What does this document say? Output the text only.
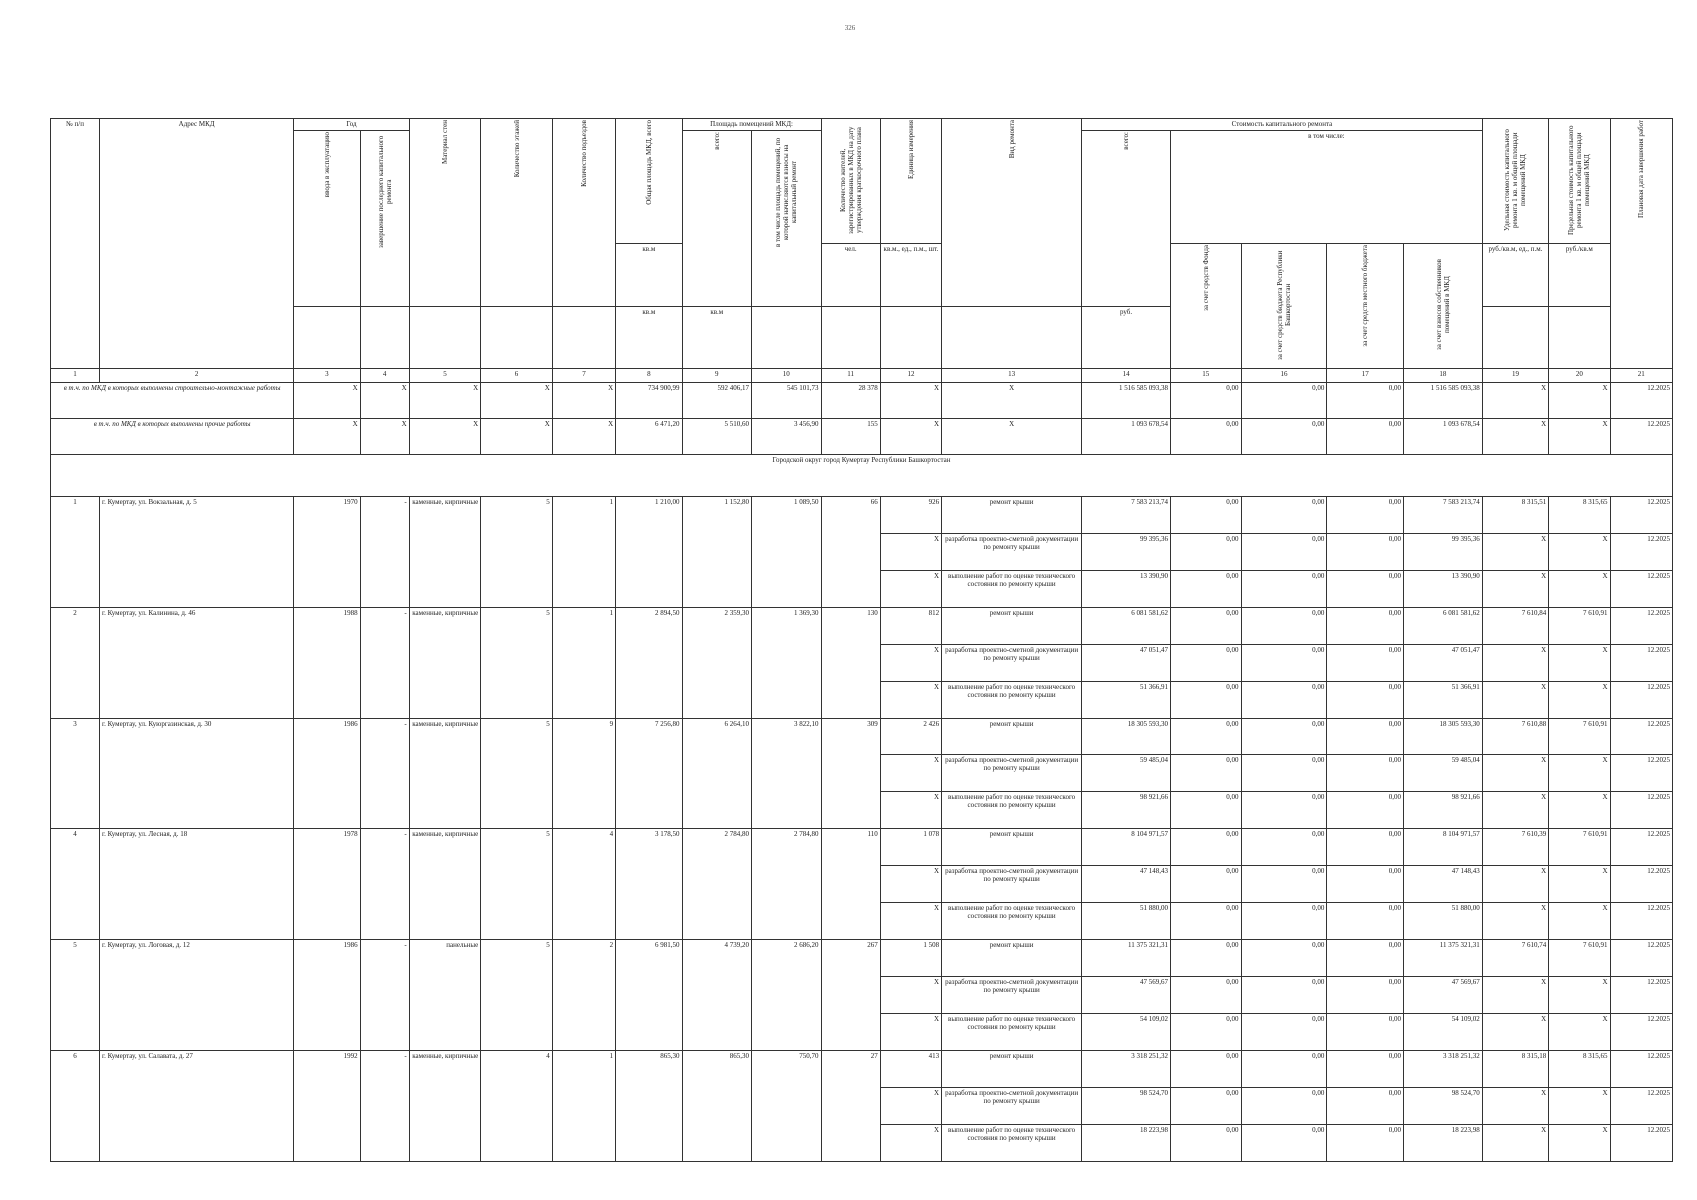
326
№ п/п	Адрес МКД	Год		Материал стен	Количество этажей	Количество подъездов	Общая площадь МКД, всего	Площадь помещений МКД:		Количество жителей, зарегистрированных в МКД на дату утверждения краткосрочного плана	Единица измерения	Вид ремонта	Стоимость капитального ремонта					Удельная стоимость капитального ремонта 1 кв. м общей площади помещений МКД	Предельная стоимость капитального ремонта 1 кв. м общей площади помещений МКД	Плановая дата завершения работ
		ввода в эксплуатацию	завершение последнего капитального ремонта					всего:	в том числе площадь помещений, по которой начисляются взносы на капитальный ремонт				всего:	в том числе:						
							кв.м			чел.	кв.м., ед., п.м., шт.			за счет средств Фонда	за счет средств бюджета Республики Башкортостан	за счет средств местного бюджета	за счет взносов собственников помещений в МКД	руб./кв.м, ед., п.м.	руб./кв.м	
							кв.м	кв.м					руб.							
1	2	3	4	5	6	7	8	9	10	11	12	13	14	15	16	17	18	19	20	21
в т.ч. по МКД в которых выполнены строительно-монтажные работы		X	X	X	X	X	734 900,99	592 406,17	545 101,73	28 378	X	X	1 516 585 093,38	0,00	0,00	0,00	1 516 585 093,38	X	X	12.2025
в т.ч. по МКД в которых выполнены прочие работы		X	X	X	X	X	6 471,20	5 510,60	3 456,90	155	X	X	1 093 678,54	0,00	0,00	0,00	1 093 678,54	X	X	12.2025
Городской округ город Кумертау Республики Башкортостан																				
1	г. Кумертау, ул. Вокзальная, д. 5	1970	-	каменные, кирпичные	5	1	1 210,00	1 152,80	1 089,50	66	926	ремонт крыши	7 583 213,74	0,00	0,00	0,00	7 583 213,74	8 315,51	8 315,65	12.2025
											X	разработка проектно-сметной документации по ремонту крыши	99 395,36	0,00	0,00	0,00	99 395,36	X	X	12.2025
											X	выполнение работ по оценке технического состояния по ремонту крыши	13 390,90	0,00	0,00	0,00	13 390,90	X	X	12.2025
2	г. Кумертау, ул. Калинина, д. 46	1988	-	каменные, кирпичные	5	1	2 894,50	2 359,30	1 369,30	130	812	ремонт крыши	6 081 581,62	0,00	0,00	0,00	6 081 581,62	7 610,84	7 610,91	12.2025
											X	разработка проектно-сметной документации по ремонту крыши	47 051,47	0,00	0,00	0,00	47 051,47	X	X	12.2025
											X	выполнение работ по оценке технического состояния по ремонту крыши	51 366,91	0,00	0,00	0,00	51 366,91	X	X	12.2025
3	г. Кумертау, ул. Куюргазинская, д. 30	1986	-	каменные, кирпичные	5	9	7 256,80	6 264,10	3 822,10	309	2 426	ремонт крыши	18 305 593,30	0,00	0,00	0,00	18 305 593,30	7 610,88	7 610,91	12.2025
											X	разработка проектно-сметной документации по ремонту крыши	59 485,04	0,00	0,00	0,00	59 485,04	X	X	12.2025
											X	выполнение работ по оценке технического состояния по ремонту крыши	98 921,66	0,00	0,00	0,00	98 921,66	X	X	12.2025
4	г. Кумертау, ул. Лесная, д. 18	1978	-	каменные, кирпичные	5	4	3 178,50	2 784,80	2 784,80	110	1 078	ремонт крыши	8 104 971,57	0,00	0,00	0,00	8 104 971,57	7 610,39	7 610,91	12.2025
											X	разработка проектно-сметной документации по ремонту крыши	47 148,43	0,00	0,00	0,00	47 148,43	X	X	12.2025
											X	выполнение работ по оценке технического состояния по ремонту крыши	51 880,00	0,00	0,00	0,00	51 880,00	X	X	12.2025
5	г. Кумертау, ул. Логовая, д. 12	1986	-	панельные	5	2	6 981,50	4 739,20	2 686,20	267	1 508	ремонт крыши	11 375 321,31	0,00	0,00	0,00	11 375 321,31	7 610,74	7 610,91	12.2025
											X	разработка проектно-сметной документации по ремонту крыши	47 569,67	0,00	0,00	0,00	47 569,67	X	X	12.2025
											X	выполнение работ по оценке технического состояния по ремонту крыши	54 109,02	0,00	0,00	0,00	54 109,02	X	X	12.2025
6	г. Кумертау, ул. Салавата, д. 27	1992	-	каменные, кирпичные	4	1	865,30	865,30	750,70	27	413	ремонт крыши	3 318 251,32	0,00	0,00	0,00	3 318 251,32	8 315,18	8 315,65	12.2025
											X	разработка проектно-сметной документации по ремонту крыши	98 524,70	0,00	0,00	0,00	98 524,70	X	X	12.2025
											X	выполнение работ по оценке технического состояния по ремонту крыши	18 223,98	0,00	0,00	0,00	18 223,98	X	X	12.2025
